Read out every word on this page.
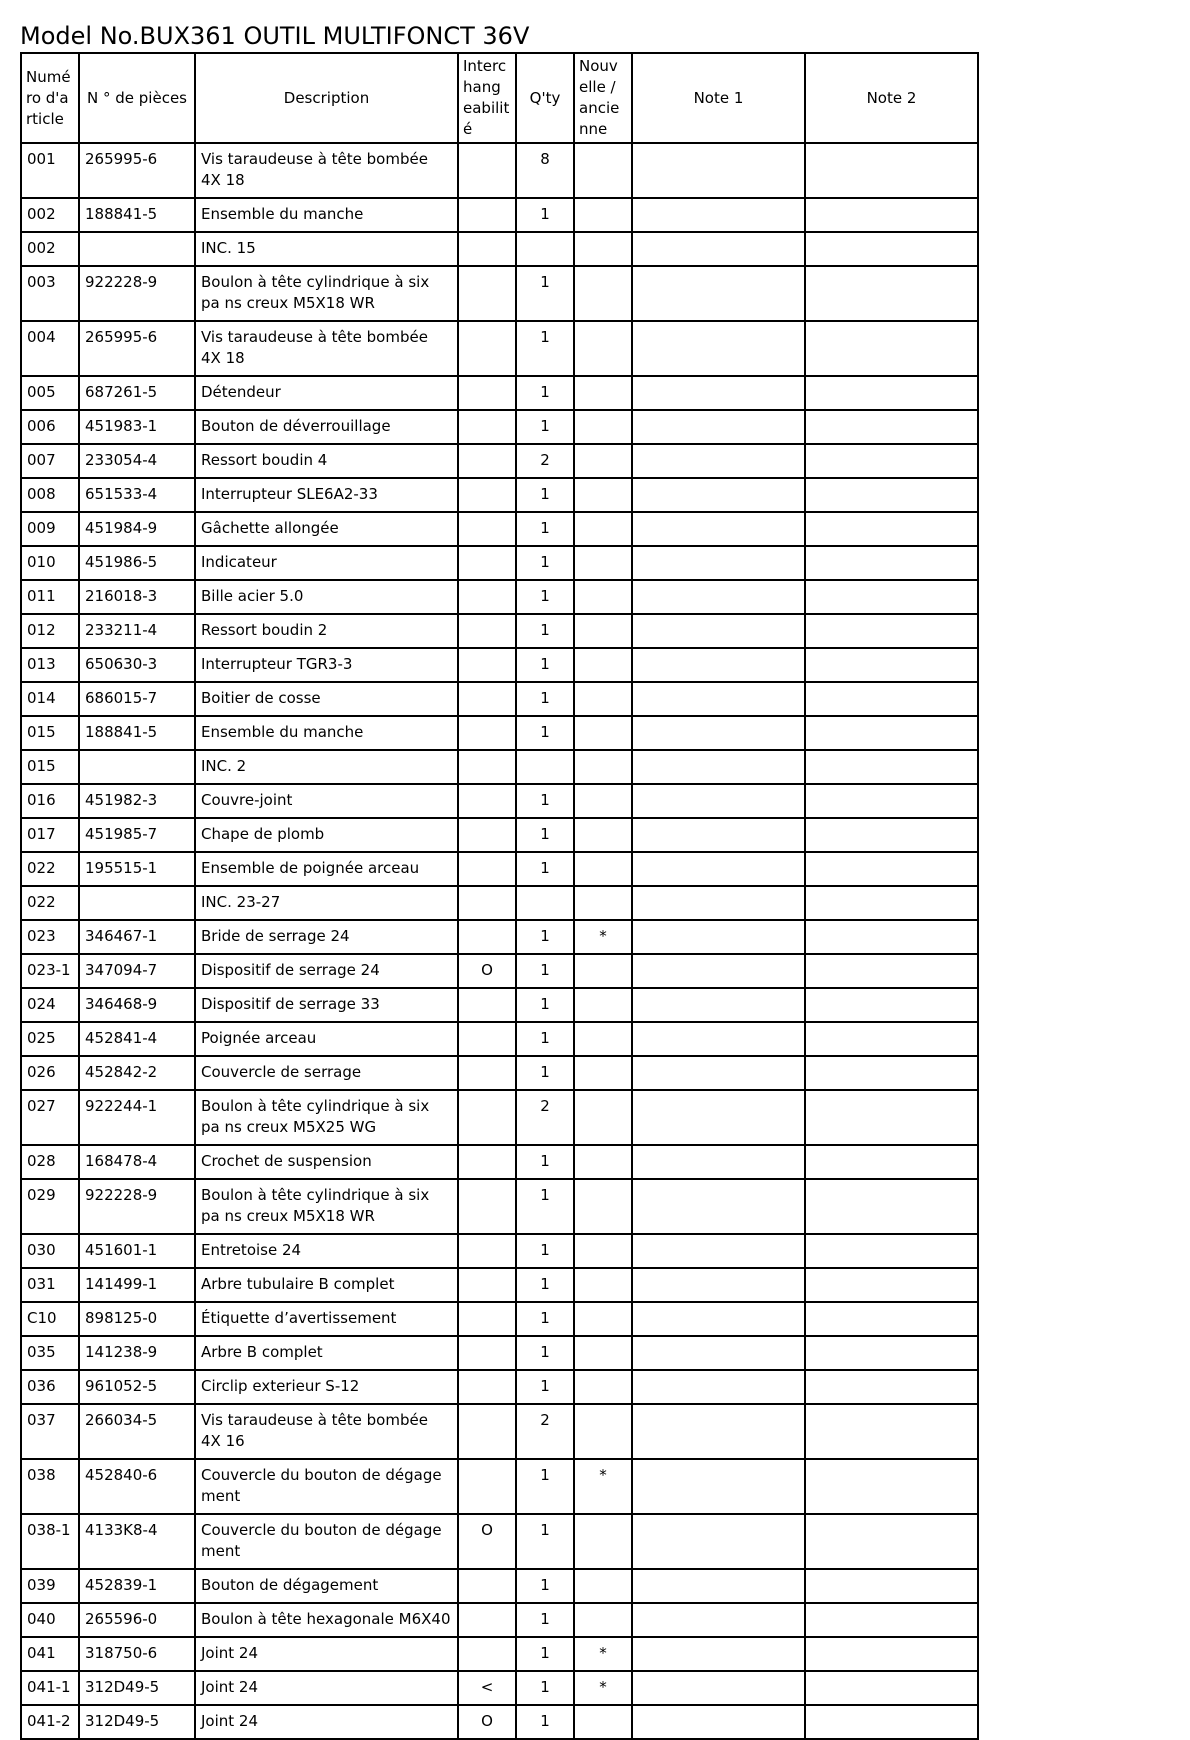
Model No.BUX361 OUTIL MULTIFONCT 36V
Numé ro d'a rticle	N ° de pièces	Description	Interc hang eabilit é	Q'ty	Nouv elle / ancie nne	Note 1	Note 2
001	265995-6	Vis taraudeuse à tête bombée 4X 18		8			
002	188841-5	Ensemble du manche		1			
002		INC. 15					
003	922228-9	Boulon à tête cylindrique à six pa ns creux M5X18 WR		1			
004	265995-6	Vis taraudeuse à tête bombée 4X 18		1			
005	687261-5	Détendeur		1			
006	451983-1	Bouton de déverrouillage		1			
007	233054-4	Ressort boudin 4		2			
008	651533-4	Interrupteur SLE6A2-33		1			
009	451984-9	Gâchette allongée		1			
010	451986-5	Indicateur		1			
011	216018-3	Bille acier 5.0		1			
012	233211-4	Ressort boudin 2		1			
013	650630-3	Interrupteur TGR3-3		1			
014	686015-7	Boitier de cosse		1			
015	188841-5	Ensemble du manche		1			
015		INC. 2					
016	451982-3	Couvre-joint		1			
017	451985-7	Chape de plomb		1			
022	195515-1	Ensemble de poignée arceau		1			
022		INC. 23-27					
023	346467-1	Bride de serrage 24		1	*		
023-1	347094-7	Dispositif de serrage 24	O	1			
024	346468-9	Dispositif de serrage 33		1			
025	452841-4	Poignée arceau		1			
026	452842-2	Couvercle de serrage		1			
027	922244-1	Boulon à tête cylindrique à six pa ns creux M5X25 WG		2			
028	168478-4	Crochet de suspension		1			
029	922228-9	Boulon à tête cylindrique à six pa ns creux M5X18 WR		1			
030	451601-1	Entretoise 24		1			
031	141499-1	Arbre tubulaire B complet		1			
C10	898125-0	Étiquette d’avertissement		1			
035	141238-9	Arbre B complet		1			
036	961052-5	Circlip exterieur S-12		1			
037	266034-5	Vis taraudeuse à tête bombée 4X 16		2			
038	452840-6	Couvercle du bouton de dégage ment		1	*		
038-1	4133K8-4	Couvercle du bouton de dégage ment	O	1			
039	452839-1	Bouton de dégagement		1			
040	265596-0	Boulon à tête hexagonale M6X40		1			
041	318750-6	Joint 24		1	*		
041-1	312D49-5	Joint 24	<	1	*		
041-2	312D49-5	Joint 24	O	1			
